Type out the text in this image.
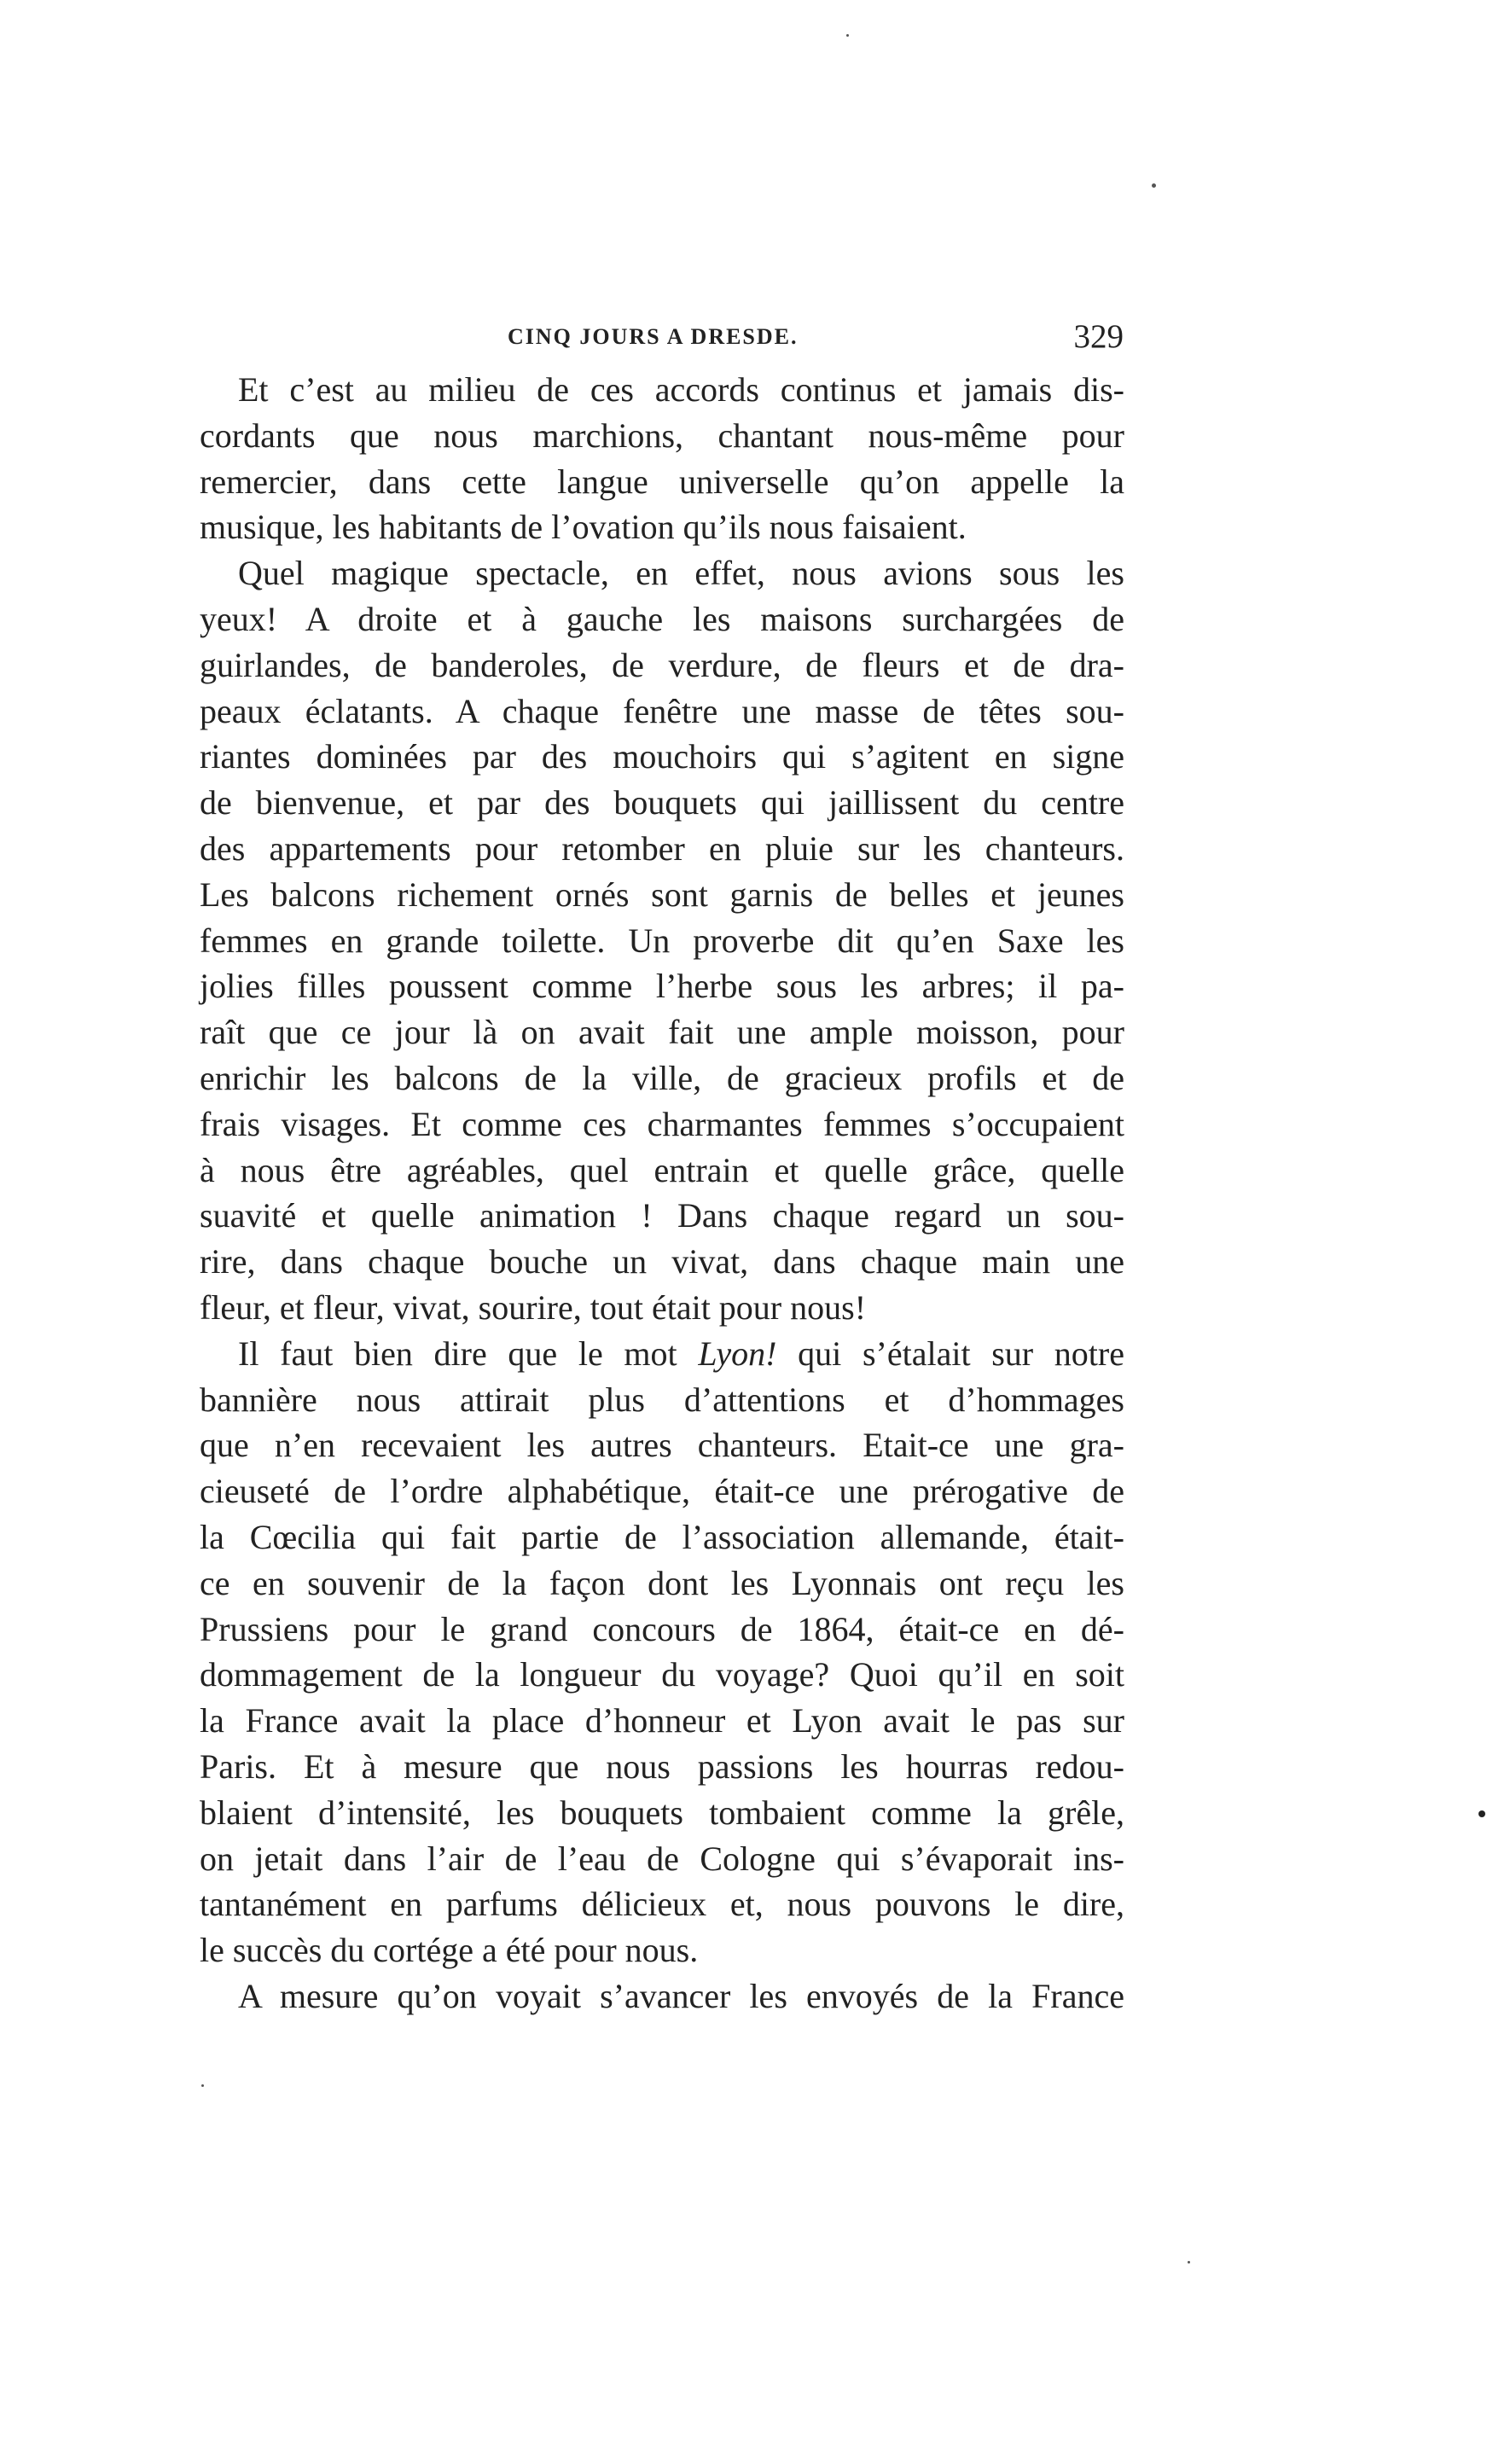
CINQ JOURS A DRESDE.	329
Et c’est au milieu de ces accords continus et jamais dis-
cordants que nous marchions, chantant nous-même pour
remercier, dans cette langue universelle qu’on appelle la
musique, les habitants de l’ovation qu’ils nous faisaient.
Quel magique spectacle, en effet, nous avions sous les
yeux! A droite et à gauche les maisons surchargées de
guirlandes, de banderoles, de verdure, de fleurs et de dra-
peaux éclatants. A chaque fenêtre une masse de têtes sou-
riantes dominées par des mouchoirs qui s’agitent en signe
de bienvenue, et par des bouquets qui jaillissent du centre
des appartements pour retomber en pluie sur les chanteurs.
Les balcons richement ornés sont garnis de belles et jeunes
femmes en grande toilette. Un proverbe dit qu’en Saxe les
jolies filles poussent comme l’herbe sous les arbres; il pa-
raît que ce jour là on avait fait une ample moisson, pour
enrichir les balcons de la ville, de gracieux profils et de
frais visages. Et comme ces charmantes femmes s’occupaient
à nous être agréables, quel entrain et quelle grâce, quelle
suavité et quelle animation ! Dans chaque regard un sou-
rire, dans chaque bouche un vivat, dans chaque main une
fleur, et fleur, vivat, sourire, tout était pour nous!
Il faut bien dire que le mot Lyon! qui s’étalait sur notre
bannière nous attirait plus d’attentions et d’hommages
que n’en recevaient les autres chanteurs. Etait-ce une gra-
cieuseté de l’ordre alphabétique, était-ce une prérogative de
la Cœcilia qui fait partie de l’association allemande, était-
ce en souvenir de la façon dont les Lyonnais ont reçu les
Prussiens pour le grand concours de 1864, était-ce en dé-
dommagement de la longueur du voyage? Quoi qu’il en soit
la France avait la place d’honneur et Lyon avait le pas sur
Paris. Et à mesure que nous passions les hourras redou-
blaient d’intensité, les bouquets tombaient comme la grêle,
on jetait dans l’air de l’eau de Cologne qui s’évaporait ins-
tantanément en parfums délicieux et, nous pouvons le dire,
le succès du cortége a été pour nous.
A mesure qu’on voyait s’avancer les envoyés de la France
